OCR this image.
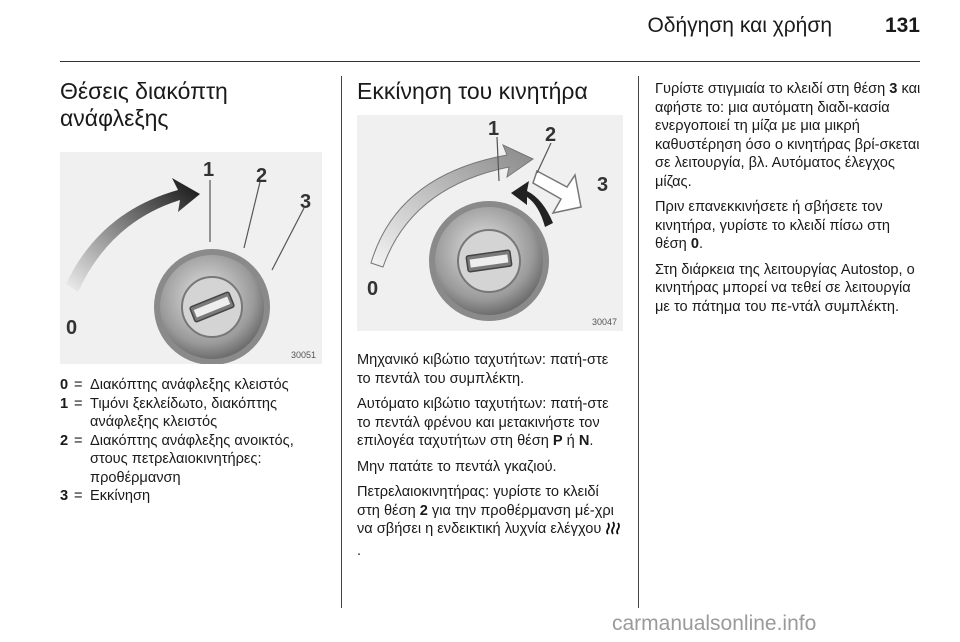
Οδήγηση και χρήση	131
Θέσεις διακόπτη
ανάφλεξης
0
1 2
3
30051
0 = Διακόπτης ανάφλεξης κλειστός
1 = Τιμόνι ξεκλείδωτο, διακόπτης ανάφλεξης κλειστός
2 = Διακόπτης ανάφλεξης ανοικτός, στους πετρελαιοκινητήρες: προθέρμανση
3 = Εκκίνηση
Εκκίνηση του κινητήρα
0
1 2
3
30047

Μηχανικό κιβώτιο ταχυτήτων: πατή-στε το πεντάλ του συμπλέκτη.

Αυτόματο κιβώτιο ταχυτήτων: πατή-στε το πεντάλ φρένου και μετακινήστε τον επιλογέα ταχυτήτων στη θέση P ή N.

Μην πατάτε το πεντάλ γκαζιού.

Πετρελαιοκινητήρας: γυρίστε το κλειδί στη θέση 2 για την προθέρμανση μέ-χρι να σβήσει η ενδεικτική λυχνία ελέγχου .

Γυρίστε στιγμιαία το κλειδί στη θέση 3 και αφήστε το: μια αυτόματη διαδι-κασία ενεργοποιεί τη μίζα με μια μικρή καθυστέρηση όσο ο κινητήρας βρί-σκεται σε λειτουργία, βλ. Αυτόματος έλεγχος μίζας.

Πριν επανεκκινήσετε ή σβήσετε τον κινητήρα, γυρίστε το κλειδί πίσω στη θέση 0.

Στη διάρκεια της λειτουργίας Autostop, ο κινητήρας μπορεί να τεθεί σε λειτουργία με το πάτημα του πε-ντάλ συμπλέκτη.

carmanualsonline.info
